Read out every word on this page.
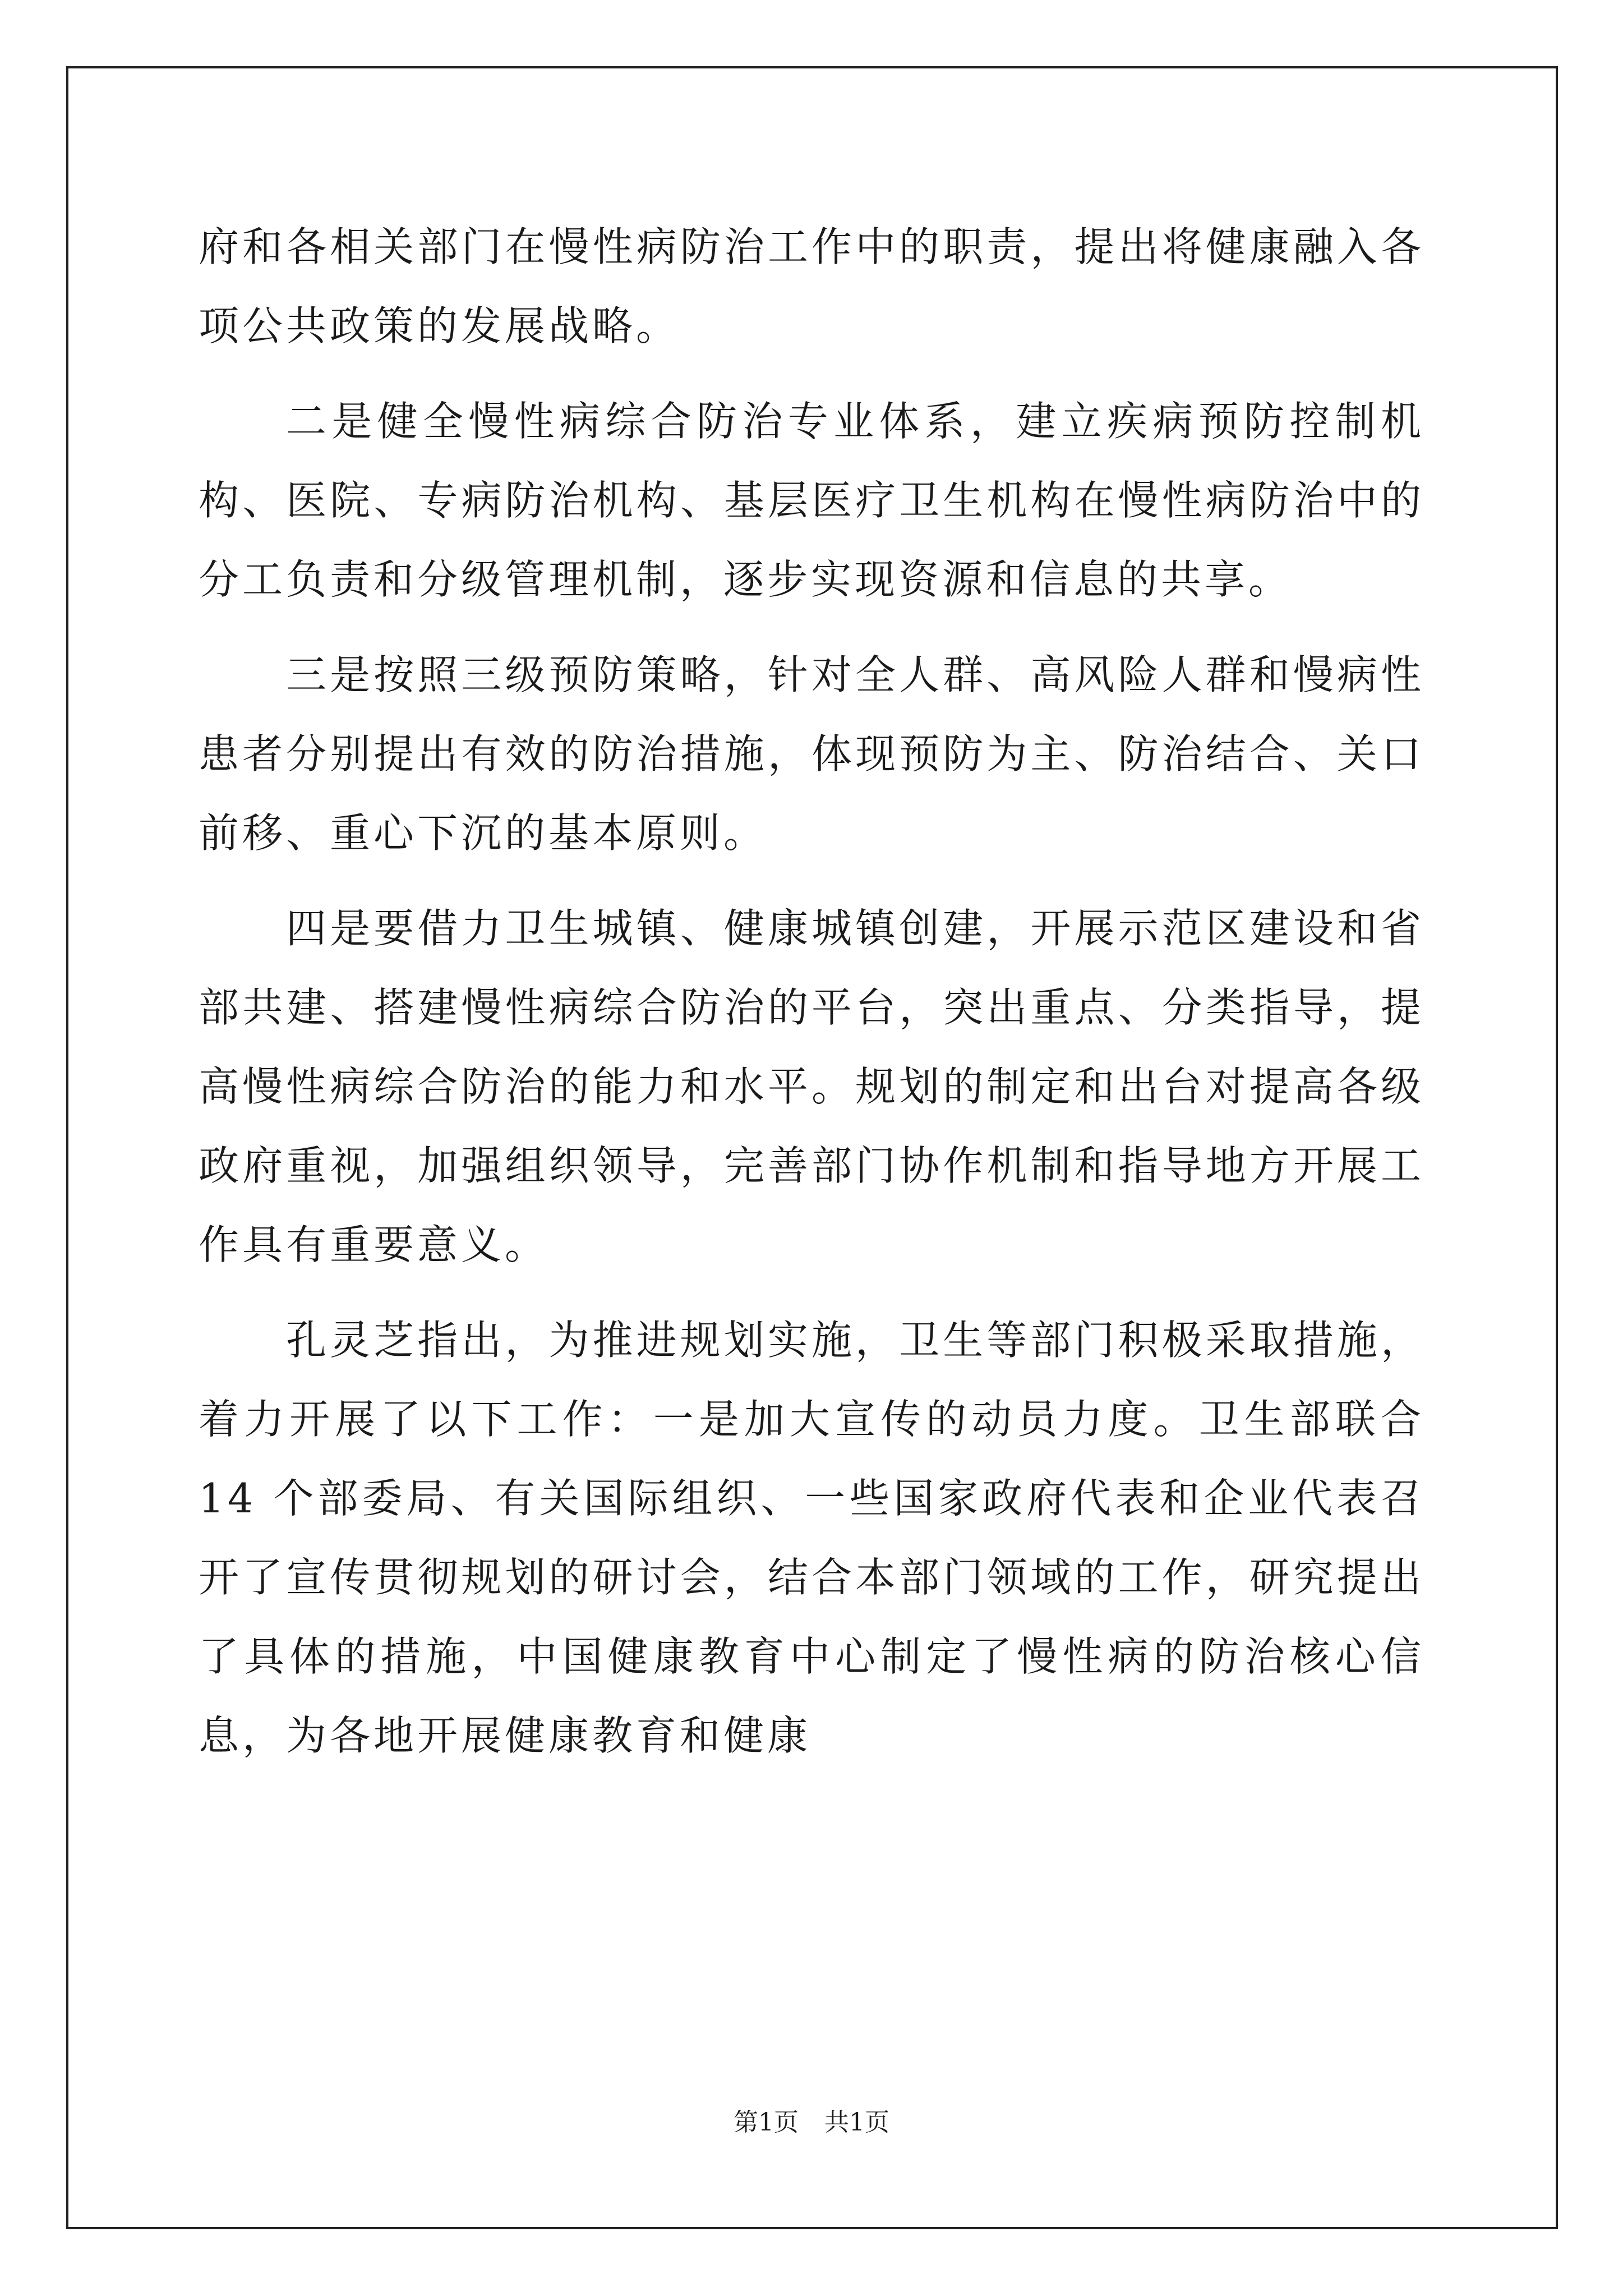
府和各相关部门在慢性病防治工作中的职责，提出将健康融入各项公共政策的发展战略。

二是健全慢性病综合防治专业体系，建立疾病预防控制机构、医院、专病防治机构、基层医疗卫生机构在慢性病防治中的分工负责和分级管理机制，逐步实现资源和信息的共享。

三是按照三级预防策略，针对全人群、高风险人群和慢病性患者分别提出有效的防治措施，体现预防为主、防治结合、关口前移、重心下沉的基本原则。

四是要借力卫生城镇、健康城镇创建，开展示范区建设和省部共建、搭建慢性病综合防治的平台，突出重点、分类指导，提高慢性病综合防治的能力和水平。规划的制定和出台对提高各级政府重视，加强组织领导，完善部门协作机制和指导地方开展工作具有重要意义。

孔灵芝指出，为推进规划实施，卫生等部门积极采取措施，着力开展了以下工作：一是加大宣传的动员力度。卫生部联合 14 个部委局、有关国际组织、一些国家政府代表和企业代表召开了宣传贯彻规划的研讨会，结合本部门领域的工作，研究提出了具体的措施，中国健康教育中心制定了慢性病的防治核心信息，为各地开展健康教育和健康

第1页 共1页
